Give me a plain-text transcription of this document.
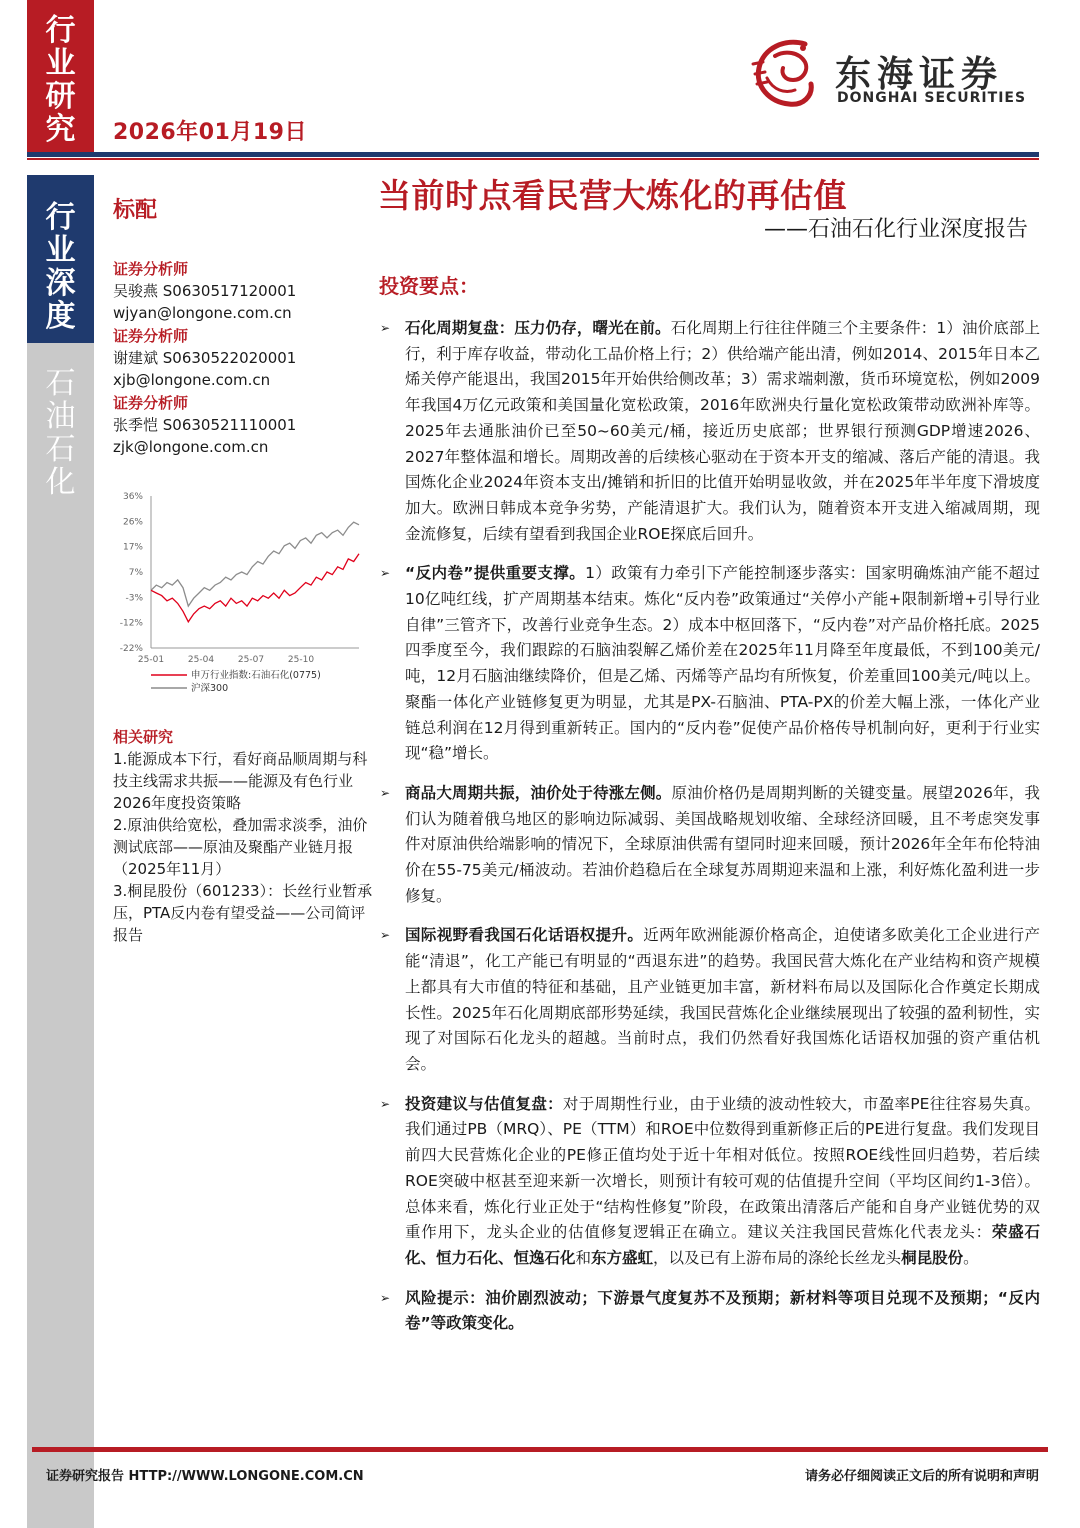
行业研究
行业深度
石油石化
2026年01月19日
东海证券
DONGHAI SECURITIES
标配	当前时点看民营大炼化的再估值
——石油石化行业深度报告
证券分析师
吴骏燕 S0630517120001
wjyan@longone.com.cn
证券分析师
谢建斌 S0630522020001
xjb@longone.com.cn
证券分析师
张季恺 S0630521110001
zjk@longone.com.cn
36%
26%
17%
7%
-3%
-12%
-22%
25-01	25-04	25-07	25-10
申万行业指数:石油石化(0775)
沪深300
相关研究
1.能源成本下行，看好商品顺周期与科技主线需求共振——能源及有色行业2026年度投资策略
2.原油供给宽松，叠加需求淡季，油价测试底部——原油及聚酯产业链月报（2025年11月）
3.桐昆股份（601233）：长丝行业暂承压，PTA反内卷有望受益——公司简评报告
投资要点：
➢ 石化周期复盘：压力仍存，曙光在前。石化周期上行往往伴随三个主要条件：1）油价底部上行，利于库存收益，带动化工品价格上行；2）供给端产能出清，例如2014、2015年日本乙烯关停产能退出，我国2015年开始供给侧改革；3）需求端刺激，货币环境宽松，例如2009年我国4万亿元政策和美国量化宽松政策，2016年欧洲央行量化宽松政策带动欧洲补库等。2025年去通胀油价已至50~60美元/桶，接近历史底部；世界银行预测GDP增速2026、2027年整体温和增长。周期改善的后续核心驱动在于资本开支的缩减、落后产能的清退。我国炼化企业2024年资本支出/摊销和折旧的比值开始明显收敛，并在2025年半年度下滑坡度加大。欧洲日韩成本竞争劣势，产能清退扩大。我们认为，随着资本开支进入缩减周期，现金流修复，后续有望看到我国企业ROE探底后回升。
➢ “反内卷”提供重要支撑。1）政策有力牵引下产能控制逐步落实：国家明确炼油产能不超过10亿吨红线，扩产周期基本结束。炼化“反内卷”政策通过“关停小产能+限制新增+引导行业自律”三管齐下，改善行业竞争生态。2）成本中枢回落下，“反内卷”对产品价格托底。2025四季度至今，我们跟踪的石脑油裂解乙烯价差在2025年11月降至年度最低，不到100美元/吨，12月石脑油继续降价，但是乙烯、丙烯等产品均有所恢复，价差重回100美元/吨以上。聚酯一体化产业链修复更为明显，尤其是PX-石脑油、PTA-PX的价差大幅上涨，一体化产业链总利润在12月得到重新转正。国内的“反内卷”促使产品价格传导机制向好，更利于行业实现“稳”增长。
➢ 商品大周期共振，油价处于待涨左侧。原油价格仍是周期判断的关键变量。展望2026年，我们认为随着俄乌地区的影响边际减弱、美国战略规划收缩、全球经济回暖，且不考虑突发事件对原油供给端影响的情况下，全球原油供需有望同时迎来回暖，预计2026年全年布伦特油价在55-75美元/桶波动。若油价趋稳后在全球复苏周期迎来温和上涨，利好炼化盈利进一步修复。
➢ 国际视野看我国石化话语权提升。近两年欧洲能源价格高企，迫使诸多欧美化工企业进行产能“清退”，化工产能已有明显的“西退东进”的趋势。我国民营大炼化在产业结构和资产规模上都具有大市值的特征和基础，且产业链更加丰富，新材料布局以及国际化合作奠定长期成长性。2025年石化周期底部形势延续，我国民营炼化企业继续展现出了较强的盈利韧性，实现了对国际石化龙头的超越。当前时点，我们仍然看好我国炼化话语权加强的资产重估机会。
➢ 投资建议与估值复盘：对于周期性行业，由于业绩的波动性较大，市盈率PE往往容易失真。我们通过PB（MRQ）、PE（TTM）和ROE中位数得到重新修正后的PE进行复盘。我们发现目前四大民营炼化企业的PE修正值均处于近十年相对低位。按照ROE线性回归趋势，若后续ROE突破中枢甚至迎来新一次增长，则预计有较可观的估值提升空间（平均区间约1-3倍）。总体来看，炼化行业正处于“结构性修复”阶段，在政策出清落后产能和自身产业链优势的双重作用下，龙头企业的估值修复逻辑正在确立。建议关注我国民营炼化代表龙头：荣盛石化、恒力石化、恒逸石化和东方盛虹，以及已有上游布局的涤纶长丝龙头桐昆股份。
➢ 风险提示：油价剧烈波动；下游景气度复苏不及预期；新材料等项目兑现不及预期；“反内卷”等政策变化。
证券研究报告 HTTP://WWW.LONGONE.COM.CN	请务必仔细阅读正文后的所有说明和声明
